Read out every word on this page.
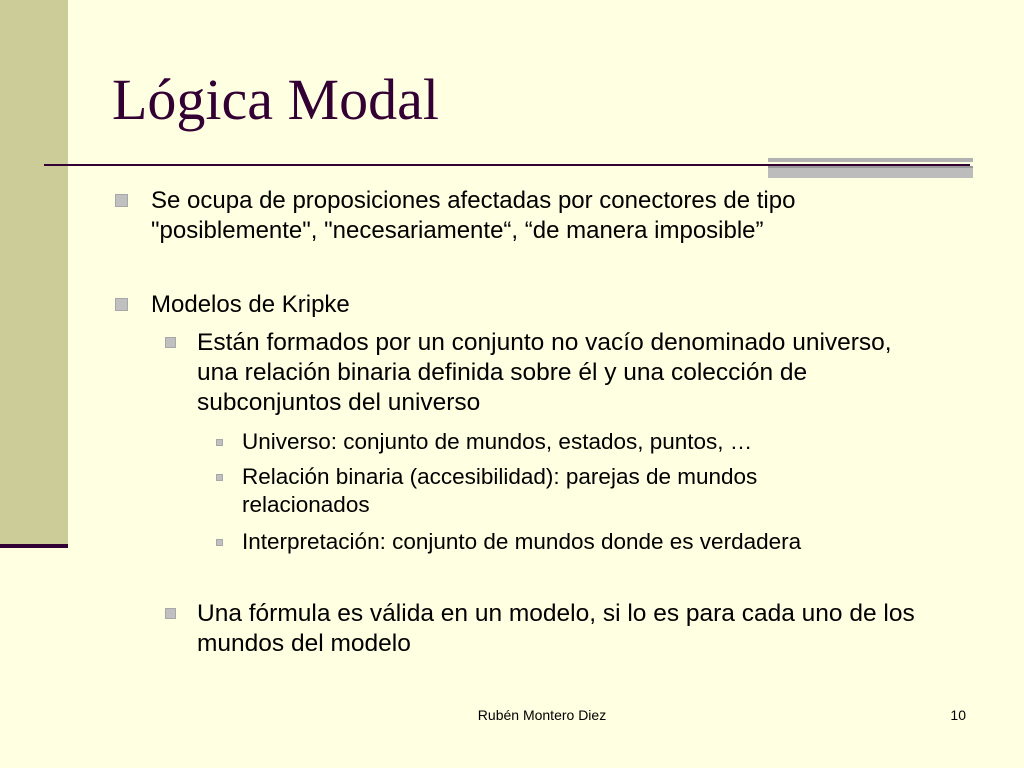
Lógica Modal
Se ocupa de proposiciones afectadas por conectores de tipo "posiblemente", "necesariamente“, “de manera imposible”
Modelos de Kripke
Están formados por un conjunto no vacío denominado universo, una relación binaria definida sobre él y una colección de subconjuntos del universo
Universo: conjunto de mundos, estados, puntos, …
Relación binaria (accesibilidad): parejas de mundos relacionados
Interpretación: conjunto de mundos donde es verdadera
Una fórmula es válida en un modelo, si lo es para cada uno de los mundos del modelo
Rubén Montero Diez	10
